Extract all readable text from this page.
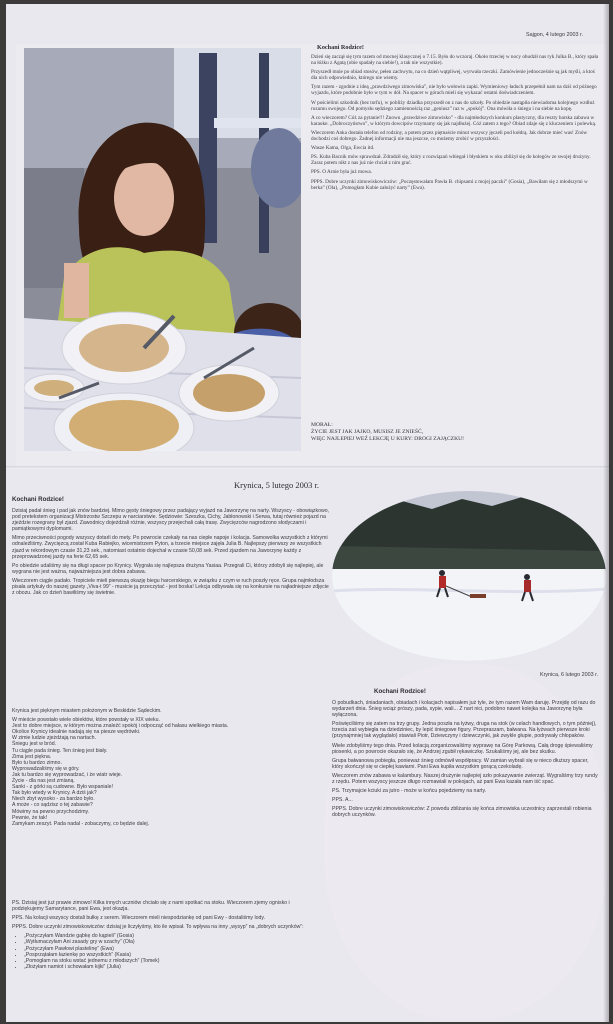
Sajgon, 4 lutego 2003 r.
Kochani Rodzice!

Dzień się zaczął się tym razem od mocnej klasycznej o 7.15. Było do wczoraj. Około trzeciej w nocy obudził nas ryk Julka B., który spała na łóżku z Agatą (obie spadały na siebie!), a tak nie wszystkie).

Przyszedł mnie po obiad stosów, pełen zachwytu, na co dzień wątpliwej, wyrwała rzeczki. Zamówienie jednocześnie są jak myśli, a ktoś dla nich odpowiednio, którego nie wiemy.

Tym razem - zgodnie z ideą „prawdziwego zimowiska”, nie było wołowin zapki. Wymieniowy ładuch przepełnił nam na dziś od późnego wyjazdu, które podobnie było w tym w dół. Na spacer w górach mieli się wykazać ostatni doświadczeniem.

W pościelimi szkodnik (bez torfu), w pobliży dziadka przyszedł on z nas do szkoły. Po obiedzie nastąpiła niewiadoma kolejnego wzdłuż rozumu swojego. Od pomysłu sędziego zamiennością raz „geniusz” raz w „spokój”. Ona mówiła o śniegu i na siebie na kopę.

A co wieczorem? Cóż za pytanie!!! Znowu „prawdziwe zimowisko” - dla najmłodszych konkurs plastyczny, dla reszty barska zabawa w karaoke. „Dobroczyństwo”, w którym dowcipów trzymamy się jak najdłużej. Cóż zatem z tego? Obiad zdaje się z kluczeniem i polewką.

Wieczorem Anka dostała telefon od rodziny, a potem przez piętnaście minut wszyscy jęczeli pod kołdrą. Jak dobrze mieć was! Znów dochodzi coś dobrego. Żadnej informacji nie ma jeszcze, co możemy zrobić w przyszłości.

Wasze Kama, Olga, Ewcia itd.

PS. Kuba Bacnik mów sprawdzał. Zdradził się, który z rozwiązań wbiegał i błyskiem w oku zbliżył się do kolegów ze swojej drużyny. Zaraz potem nikt z nas już nie chciał z nim grać.

PPS. O Arnie była już mowa.

PPPS. Dobre uczynki zimowiskowiczów: „Poczęstowałam Pawła B. chipsami z mojej paczki” (Gosia), „Bawiłam się z młodszymi w berka” (Ola), „Pomogłam Kubie założyć narty” (Ewa).

MORAŁ:
ŻYCIE JEST JAK JAJKO, MUSISZ JE ZNIEŚĆ,
WIĘC NAJLEPIEJ WEŹ LEKCJĘ U KURY: DROGI ZAJĄCZKU!
Krynica, 5 lutego 2003 r.
Kochani Rodzice!

Dzisiaj padał śnieg i pad jak znów bardziej. Mimo gęsty śniegowy przez padający wyjazd na Jaworzynę na narty. Wszyscy - obowiązkowo, pod pretekstem organizacji Mistrzostw Szczepu w narciarstwie. Sędziowie: Szeszka, Cichy, Jabłonowski i Serwa, tutaj również pojazd na zjeździe rozegrany był zjazd. Zawodnicy dojeżdżali różnie, wszyscy przejechali całą trasę. Zwycięzców nagrodzono słodyczami i pamiątkowymi dyplomami.

Mimo przeciwności pogody wszyscy dotarli do mety. Po powrocie czekały na nas ciepłe napoje i kolacja. Samowolka wszystkich z którymi odnaleźliśmy. Zwycięzcą został Kuba Rabiejko, wicemistrzem Pyton, a trzecie miejsce zajęła Julia B. Najlepszy pierwszy ze wszystkich zjazd w rekordowym czasie 31,23 sek., natomiast ostatnio dojechał w czasie 50,08 sek. Przed zjazdem na Jaworzynę każdy z przeprowadzonej jazdy na ferie 62,65 sek.

Po obiedzie udaliśmy się na długi spacer po Krynicy. Wygrała się najlepsza drużyna Yasiaa. Przegrali Ci, którzy zdobyli się najlepiej, ale wygrana nie jest ważna, najważniejsza jest dobra zabawa.

Wieczorem ciągle padało. Tropiciele mieli pierwszą okazję biegu harcerskiego, w związku z czym w ruch poszły ręce. Grupa najmłodsza pisała artykuły do naszej gazety „Viva-t 99” - musicie ją przeczytać - jest boska! Lekcja odbywała się na konkursie na najładniejsze zdjęcie z obozu. Jak co dzień bawiliśmy się świetnie.

Krynica jest pięknym miastem położonym w Beskidzie Sądeckim.

W mieście powstało wiele obiektów, które powstały w XIX wieku.
Jest to dobre miejsce, w którym można znaleźć spokój i odpocząć od hałasu wielkiego miasta.
Okolice Krynicy idealnie nadają się na piesze wędrówki.
W zimie ludzie zjeżdżają na nartach.
Śniegu jest w bród.
Tu ciągle pada śnieg. Ten śnieg jest biały.
Zima jest piękna.
Było tu bardzo zimno.
Wyprowadzaliśmy się w góry.
Jak tu bardzo się wyprowadzać, i że wiatr wieje.
Życie - dla nas jest zmianą.
Sanki - z górki są cudowne. Było wspaniale!
Tak było wtedy w Krynicy. A dziś jak?
Niech zbyt wysoko - za bardzo było.
A może - co sądzisz o tej zabawie?
Mówimy na pewno przychodzimy.
Pewnie, że tak!
Zamykam zeszyt. Pada nadal - zobaczymy, co będzie dalej.

PS. Dzisiaj jest już prawie zimowo! Kilka innych uczniów chciało się z nami spotkać na stoku. Wieczorem zjemy ognisko i podziękujemy Samarytance, pani Ewa, jest okazja.

PPS. Na kolacji wszyscy dostali bułkę z serem. Wieczorem mieli niespodziankę od pani Ewy - dostaliśmy lody.

PPPS. Dobre uczynki zimowiskowiczów: dzisiaj je liczyłyśmy, kto ile wpisał. To wpływa na inny „wysyp” na „dobrych uczynków”:

• „Pożyczyłam Wandzie gąbkę do kąpieli” (Gosia)
• „Wytłumaczyłam Ani zasady gry w szachy” (Ola)
• „Pożyczyłam Pawłowi plastelinę” (Ewa)
• „Posprzątałam łazienkę po wszystkich” (Kasia)
• „Pomogłam na stoku wstać jednemu z młodszych” (Tomek)
• „Złożyłam namiot i schowałam kijki” (Julia)
Krynica, 6 lutego 2003 r.
Kochani Rodzice!

O pobudkach, śniadaniach, obiadach i kolacjach napisałem już tyle, że tym razem Wam daruję. Przejdę od razu do wydarzeń dnia. Śnieg wciąż prószy, pada, sypie, wali... Z nart nici, podobno nawet kolejka na Jaworzynę była wyłączona.

Poświęciliśmy się zatem na trzy grupy. Jedna poszła na łyżwy, druga na stok (w celach handlowych, o tym później), trzecia zaś wybiegła na dziedziniec, by lepić śniegowe figury. Przepraszam, bałwana. Na łyżwach pierwsze kroki (przynajmniej tak wyglądało) stawiali Piotr, Dziewczyny i dziewczynki, jak zwykle głupie, podrywały chłopaków.

Wiele zdobyliśmy tego dnia. Przed kolacją zorganizowaliśmy wyprawę na Górę Parkową. Całą drogę śpiewaliśmy piosenki, a po powrocie okazało się, że Andrzej zgubił rękawiczkę. Szukaliśmy jej, ale bez skutku.

Grupa bałwanowa pobiegła, ponieważ śnieg odmówił współpracy. W zamian wybrali się w nieco dłuższy spacer, który skończył się w ciepłej kawiarni. Pani Ewa kupiła wszystkim gorącą czekoladę.

Wieczorem znów zabawa w kalambury. Naszej drużynie najlepiej szło pokazywanie zwierząt. Wygraliśmy trzy rundy z rzędu. Potem wszyscy jeszcze długo rozmawiali w pokojach, aż pani Ewa kazała nam iść spać.

PS. Trzymajcie kciuki za jutro - może w końcu pojedziemy na narty.

PPS. A...

PPPS. Dobre uczynki zimowiskowiczów: Z powodu zbliżania się końca zimowiska uczestnicy zaprzestali robienia dobrych uczynków.
